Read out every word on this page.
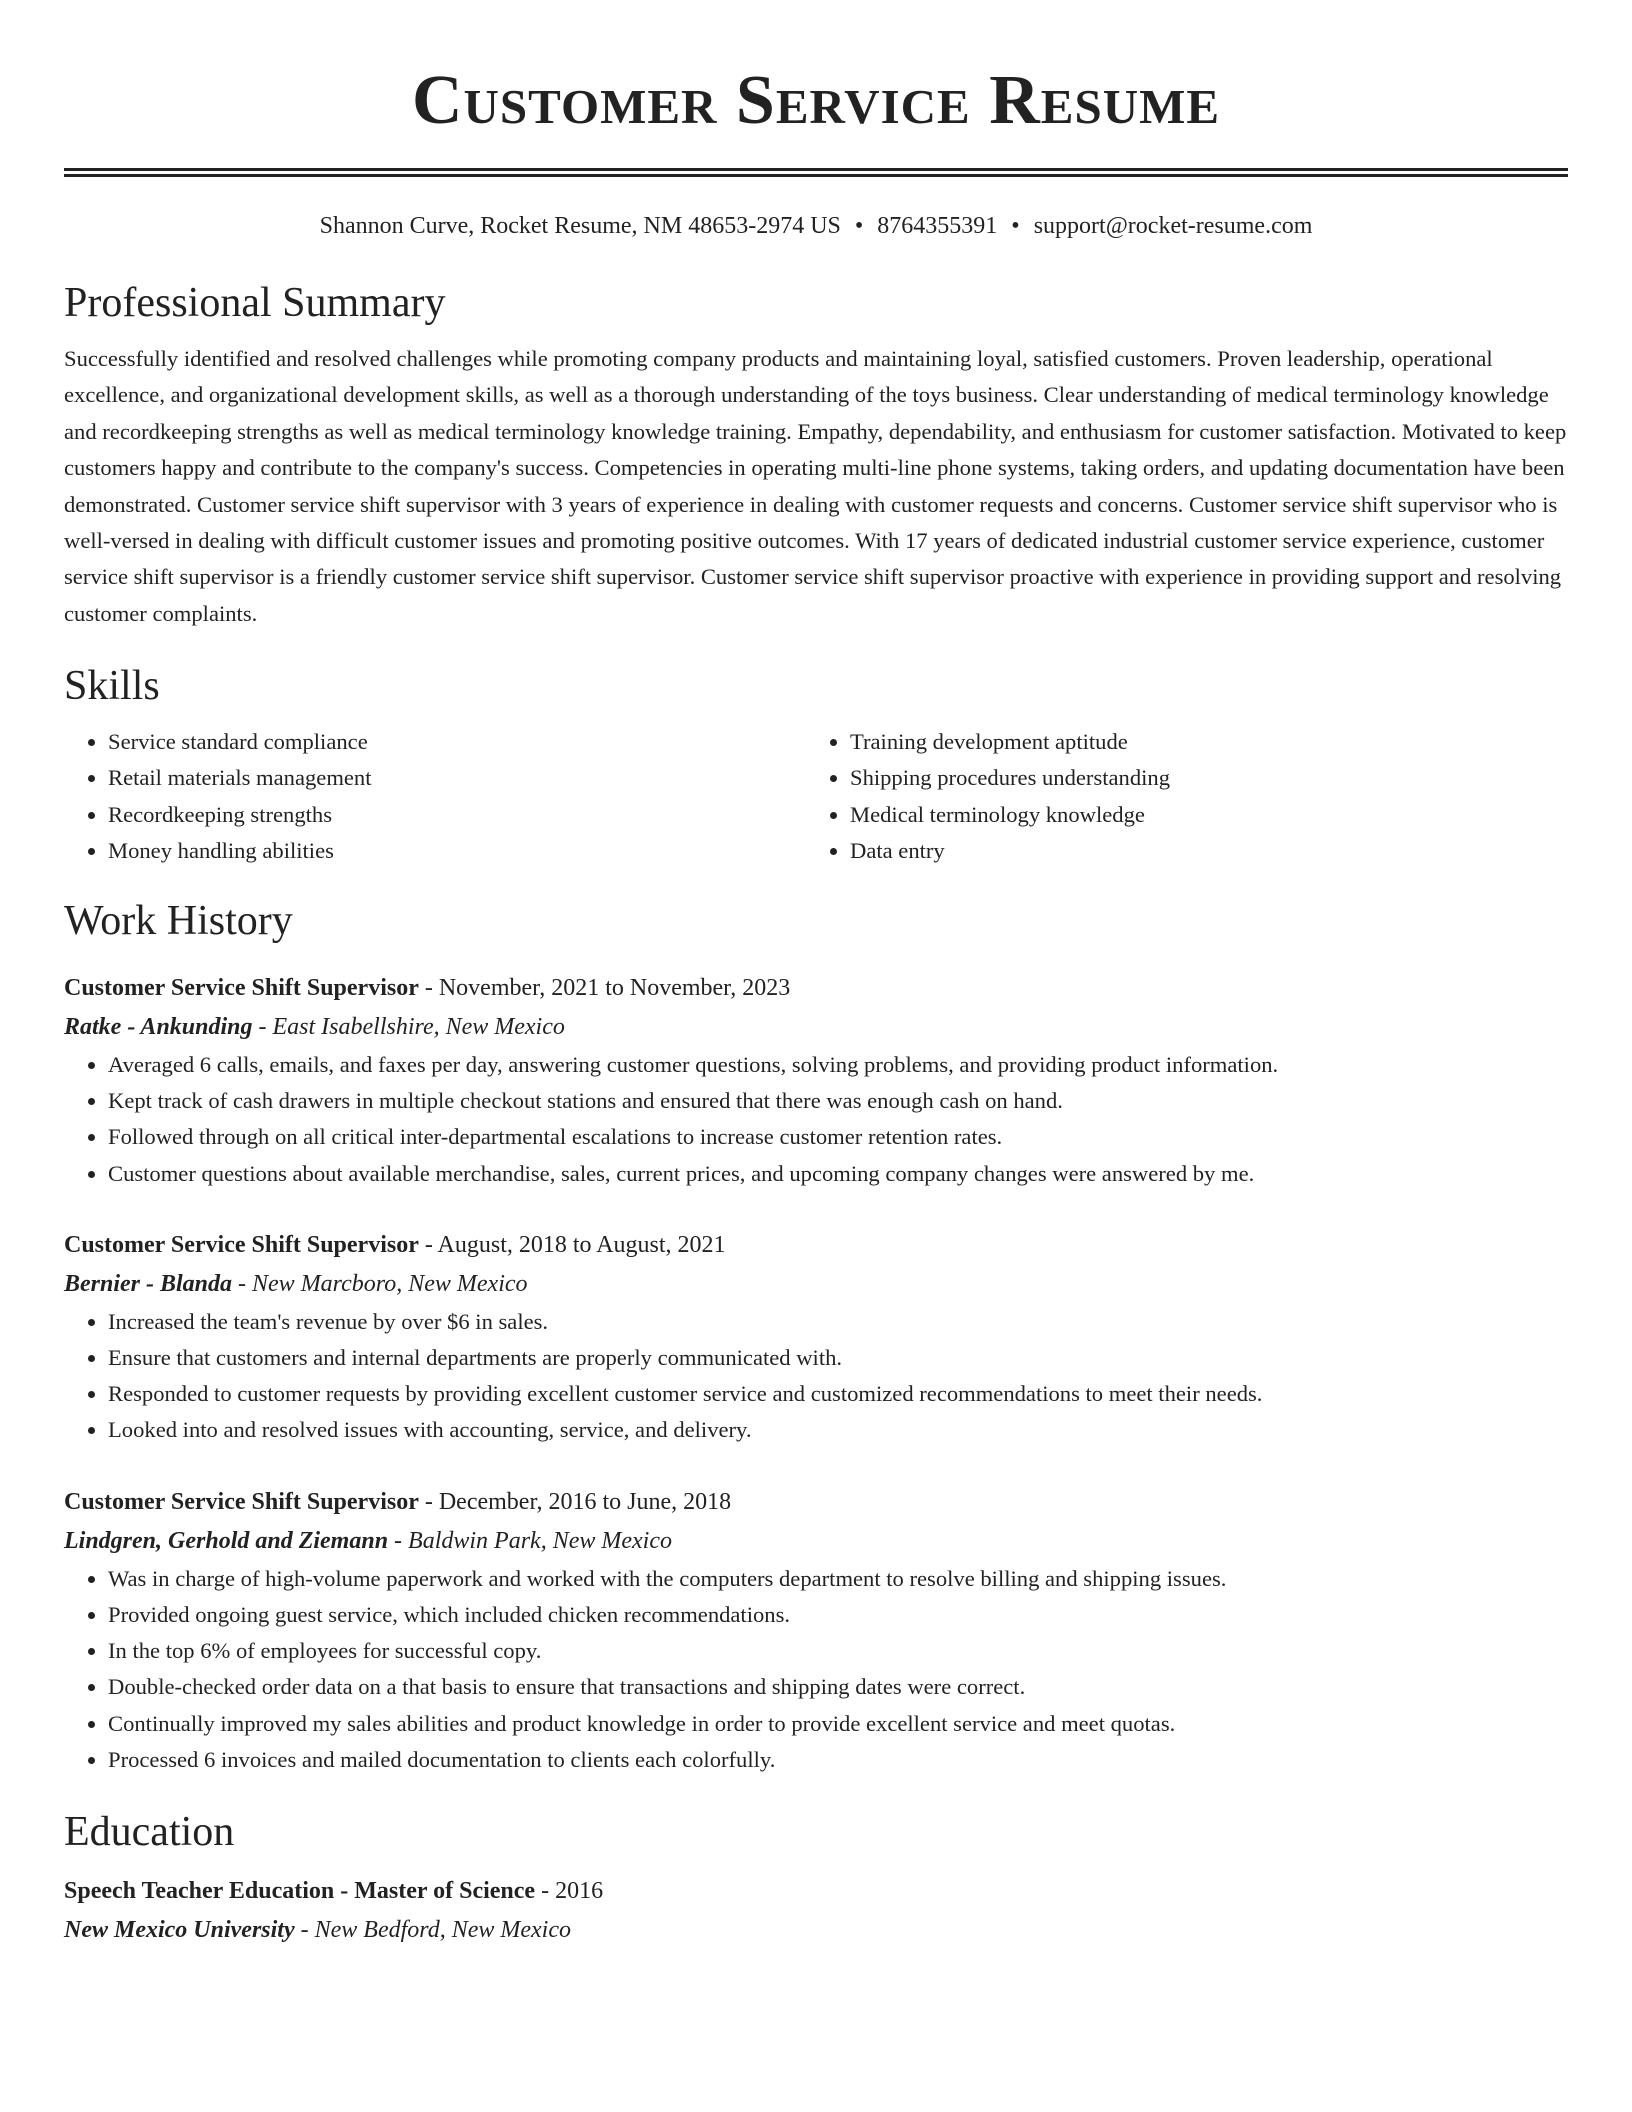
Customer Service Resume
Shannon Curve, Rocket Resume, NM 48653-2974 US • 8764355391 • support@rocket-resume.com
Professional Summary

Successfully identified and resolved challenges while promoting company products and maintaining loyal, satisfied customers. Proven leadership, operational excellence, and organizational development skills, as well as a thorough understanding of the toys business. Clear understanding of medical terminology knowledge and recordkeeping strengths as well as medical terminology knowledge training. Empathy, dependability, and enthusiasm for customer satisfaction. Motivated to keep customers happy and contribute to the company's success. Competencies in operating multi-line phone systems, taking orders, and updating documentation have been demonstrated. Customer service shift supervisor with 3 years of experience in dealing with customer requests and concerns. Customer service shift supervisor who is well-versed in dealing with difficult customer issues and promoting positive outcomes. With 17 years of dedicated industrial customer service experience, customer service shift supervisor is a friendly customer service shift supervisor. Customer service shift supervisor proactive with experience in providing support and resolving customer complaints.

Skills
• Service standard compliance
• Retail materials management
• Recordkeeping strengths
• Money handling abilities
• Training development aptitude
• Shipping procedures understanding
• Medical terminology knowledge
• Data entry
Work History
Customer Service Shift Supervisor - November, 2021 to November, 2023
Ratke - Ankunding - East Isabellshire, New Mexico
• Averaged 6 calls, emails, and faxes per day, answering customer questions, solving problems, and providing product information.
• Kept track of cash drawers in multiple checkout stations and ensured that there was enough cash on hand.
• Followed through on all critical inter-departmental escalations to increase customer retention rates.
• Customer questions about available merchandise, sales, current prices, and upcoming company changes were answered by me.
Customer Service Shift Supervisor - August, 2018 to August, 2021
Bernier - Blanda - New Marcboro, New Mexico
• Increased the team's revenue by over $6 in sales.
• Ensure that customers and internal departments are properly communicated with.
• Responded to customer requests by providing excellent customer service and customized recommendations to meet their needs.
• Looked into and resolved issues with accounting, service, and delivery.
Customer Service Shift Supervisor - December, 2016 to June, 2018
Lindgren, Gerhold and Ziemann - Baldwin Park, New Mexico
• Was in charge of high-volume paperwork and worked with the computers department to resolve billing and shipping issues.
• Provided ongoing guest service, which included chicken recommendations.
• In the top 6% of employees for successful copy.
• Double-checked order data on a that basis to ensure that transactions and shipping dates were correct.
• Continually improved my sales abilities and product knowledge in order to provide excellent service and meet quotas.
• Processed 6 invoices and mailed documentation to clients each colorfully.
Education
Speech Teacher Education - Master of Science - 2016
New Mexico University - New Bedford, New Mexico
